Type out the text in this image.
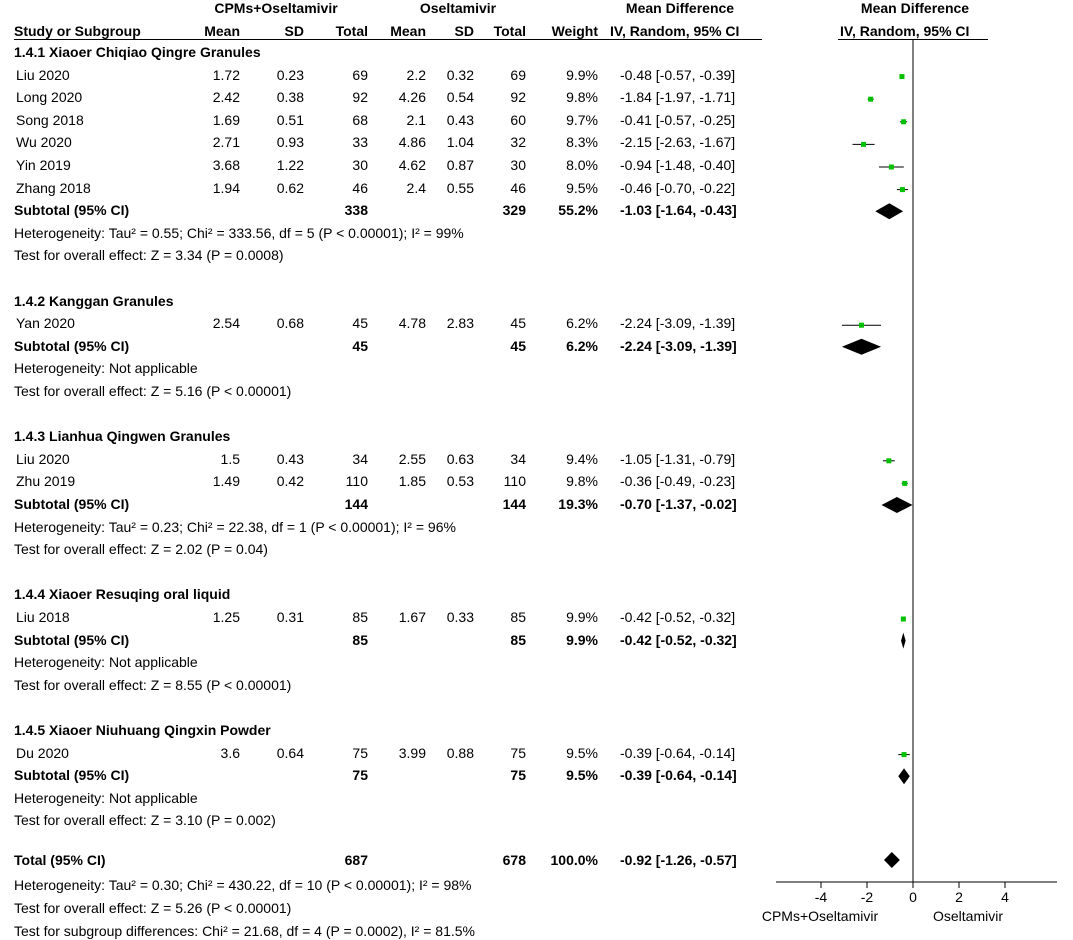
CPMs+Oseltamivir	Oseltamivir	Mean Difference	Mean Difference
Study or Subgroup	Mean	SD	Total	Mean	SD	Total	Weight IV, Random, 95% CI	IV, Random, 95% CI
1.4.1 Xiaoer Chiqiao Qingre Granules
Liu 2020	1.72	0.23	69	2.2	0.32	69	9.9% -0.48 [-0.57, -0.39]
Long 2020	2.42	0.38	92	4.26	0.54	92	9.8% -1.84 [-1.97, -1.71]
Song 2018	1.69	0.51	68	2.1	0.43	60	9.7% -0.41 [-0.57, -0.25]
Wu 2020	2.71	0.93	33	4.86	1.04	32	8.3% -2.15 [-2.63, -1.67]
Yin 2019	3.68	1.22	30	4.62	0.87	30	8.0% -0.94 [-1.48, -0.40]
Zhang 2018	1.94	0.62	46	2.4	0.55	46	9.5% -0.46 [-0.70, -0.22]
Subtotal (95% CI)	338	329	55.2% -1.03 [-1.64, -0.43]
Heterogeneity: Tau² = 0.55; Chi² = 333.56, df = 5 (P < 0.00001); I² = 99%
Test for overall effect: Z = 3.34 (P = 0.0008)
1.4.2 Kanggan Granules
Yan 2020	2.54	0.68	45	4.78	2.83	45	6.2% -2.24 [-3.09, -1.39]
Subtotal (95% CI)	45	45	6.2% -2.24 [-3.09, -1.39]
Heterogeneity: Not applicable
Test for overall effect: Z = 5.16 (P < 0.00001)
1.4.3 Lianhua Qingwen Granules
Liu 2020	1.5	0.43	34	2.55	0.63	34	9.4% -1.05 [-1.31, -0.79]
Zhu 2019	1.49	0.42	110	1.85	0.53	110	9.8% -0.36 [-0.49, -0.23]
Subtotal (95% CI)	144	144	19.3% -0.70 [-1.37, -0.02]
Heterogeneity: Tau² = 0.23; Chi² = 22.38, df = 1 (P < 0.00001); I² = 96%
Test for overall effect: Z = 2.02 (P = 0.04)
1.4.4 Xiaoer Resuqing oral liquid
Liu 2018	1.25	0.31	85	1.67	0.33	85	9.9% -0.42 [-0.52, -0.32]
Subtotal (95% CI)	85	85	9.9% -0.42 [-0.52, -0.32]
Heterogeneity: Not applicable
Test for overall effect: Z = 8.55 (P < 0.00001)
1.4.5 Xiaoer Niuhuang Qingxin Powder
Du 2020	3.6	0.64	75	3.99	0.88	75	9.5% -0.39 [-0.64, -0.14]
Subtotal (95% CI)	75	75	9.5% -0.39 [-0.64, -0.14]
Heterogeneity: Not applicable
Test for overall effect: Z = 3.10 (P = 0.002)
Total (95% CI)	687	678	100.0% -0.92 [-1.26, -0.57]
Heterogeneity: Tau² = 0.30; Chi² = 430.22, df = 10 (P < 0.00001); I² = 98%
Test for overall effect: Z = 5.26 (P < 0.00001)
Test for subgroup differences: Chi² = 21.68, df = 4 (P = 0.0002), I² = 81.5%
-4 -2	0	2	4
CPMs+Oseltamivir	Oseltamivir
